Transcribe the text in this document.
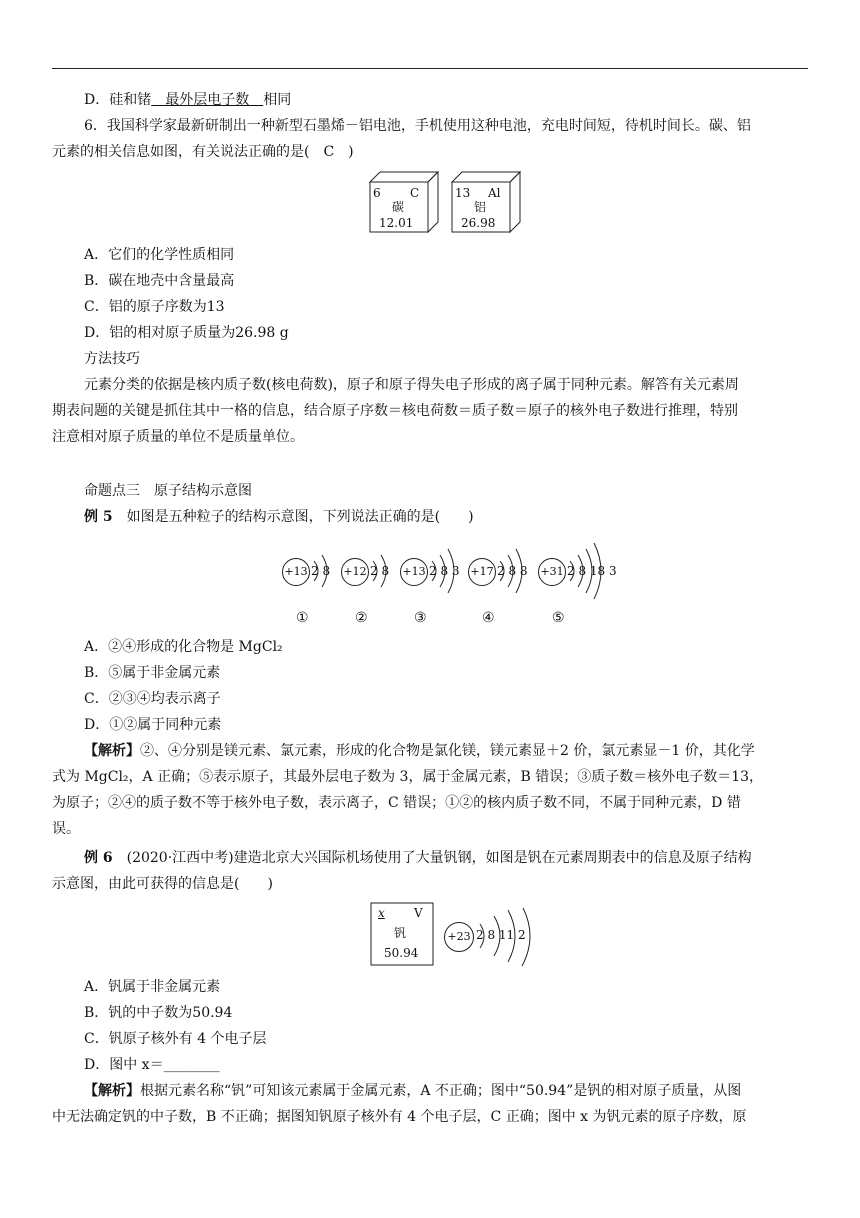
D．硅和锗  最外层电子数  相同
6．我国科学家最新研制出一种新型石墨烯－铝电池，手机使用这种电池，充电时间短，待机时间长。碳、铝
元素的相关信息如图，有关说法正确的是(　C　)
6 C
碳
12.01
13 Al
铝
26.98
A．它们的化学性质相同
B．碳在地壳中含量最高
C．铝的原子序数为13
D．铝的相对原子质量为26.98 g
方法技巧
元素分类的依据是核内质子数(核电荷数)，原子和原子得失电子形成的离子属于同种元素。解答有关元素周
期表问题的关键是抓住其中一格的信息，结合原子序数＝核电荷数＝质子数＝原子的核外电子数进行推理，特别
注意相对原子质量的单位不是质量单位。
命题点三　原子结构示意图
例 5  如图是五种粒子的结构示意图，下列说法正确的是(　　)
+13 2 8
①
+12 2 8
②
+13 2 8 3
③
+17 2 8 8
④
+31 2 8 18 3
⑤
A．②④形成的化合物是 MgCl₂
B．⑤属于非金属元素
C．②③④均表示离子
D．①②属于同种元素
【解析】②、④分别是镁元素、氯元素，形成的化合物是氯化镁，镁元素显＋2 价，氯元素显－1 价，其化学
式为 MgCl₂，A 正确；⑤表示原子，其最外层电子数为 3，属于金属元素，B 错误；③质子数＝核外电子数＝13，
为原子；②④的质子数不等于核外电子数，表示离子，C 错误；①②的核内质子数不同，不属于同种元素，D 错
误。
例 6  (2020·江西中考)建造北京大兴国际机场使用了大量钒钢，如图是钒在元素周期表中的信息及原子结构
示意图，由此可获得的信息是(　　)
x V
钒
50.94
+23 2 8 11 2
A．钒属于非金属元素
B．钒的中子数为50.94
C．钒原子核外有 4 个电子层
D．图中 x＝________
【解析】根据元素名称“钒”可知该元素属于金属元素，A 不正确；图中“50.94”是钒的相对原子质量，从图
中无法确定钒的中子数，B 不正确；据图知钒原子核外有 4 个电子层，C 正确；图中 x 为钒元素的原子序数，原
